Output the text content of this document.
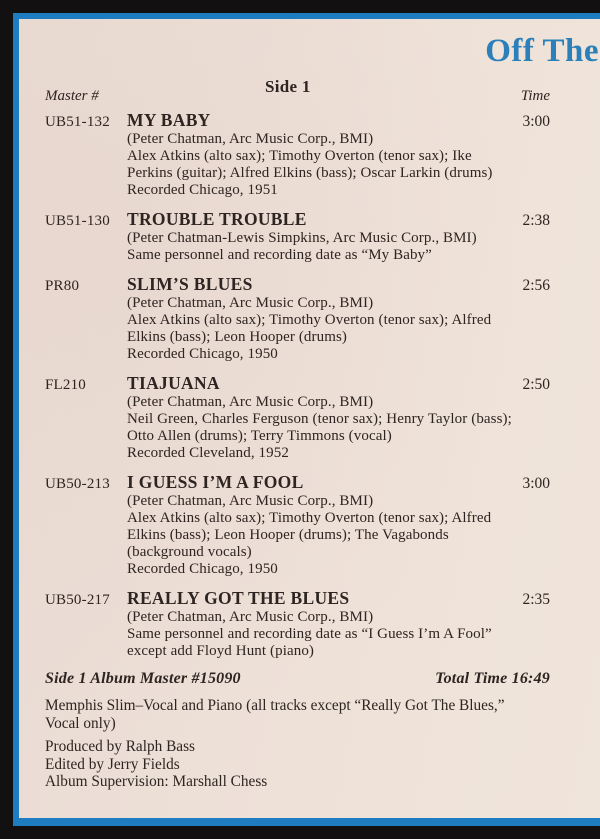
Off The
Master #	Side 1	Time
UB51-132 MY BABY	3:00
(Peter Chatman, Arc Music Corp., BMI)
Alex Atkins (alto sax); Timothy Overton (tenor sax); Ike
Perkins (guitar); Alfred Elkins (bass); Oscar Larkin (drums)
Recorded Chicago, 1951
UB51-130 TROUBLE TROUBLE	2:38
(Peter Chatman-Lewis Simpkins, Arc Music Corp., BMI)
Same personnel and recording date as “My Baby”
PR80	SLIM’S BLUES	2:56
(Peter Chatman, Arc Music Corp., BMI)
Alex Atkins (alto sax); Timothy Overton (tenor sax); Alfred
Elkins (bass); Leon Hooper (drums)
Recorded Chicago, 1950
FL210	TIAJUANA	2:50
(Peter Chatman, Arc Music Corp., BMI)
Neil Green, Charles Ferguson (tenor sax); Henry Taylor (bass);
Otto Allen (drums); Terry Timmons (vocal)
Recorded Cleveland, 1952
UB50-213 I GUESS I’M A FOOL	3:00
(Peter Chatman, Arc Music Corp., BMI)
Alex Atkins (alto sax); Timothy Overton (tenor sax); Alfred
Elkins (bass); Leon Hooper (drums); The Vagabonds
(background vocals)
Recorded Chicago, 1950
UB50-217 REALLY GOT THE BLUES	2:35
(Peter Chatman, Arc Music Corp., BMI)
Same personnel and recording date as “I Guess I’m A Fool”
except add Floyd Hunt (piano)
Side 1 Album Master #15090	Total Time 16:49
Memphis Slim–Vocal and Piano (all tracks except “Really Got The Blues,”
Vocal only)
Produced by Ralph Bass
Edited by Jerry Fields
Album Supervision: Marshall Chess
